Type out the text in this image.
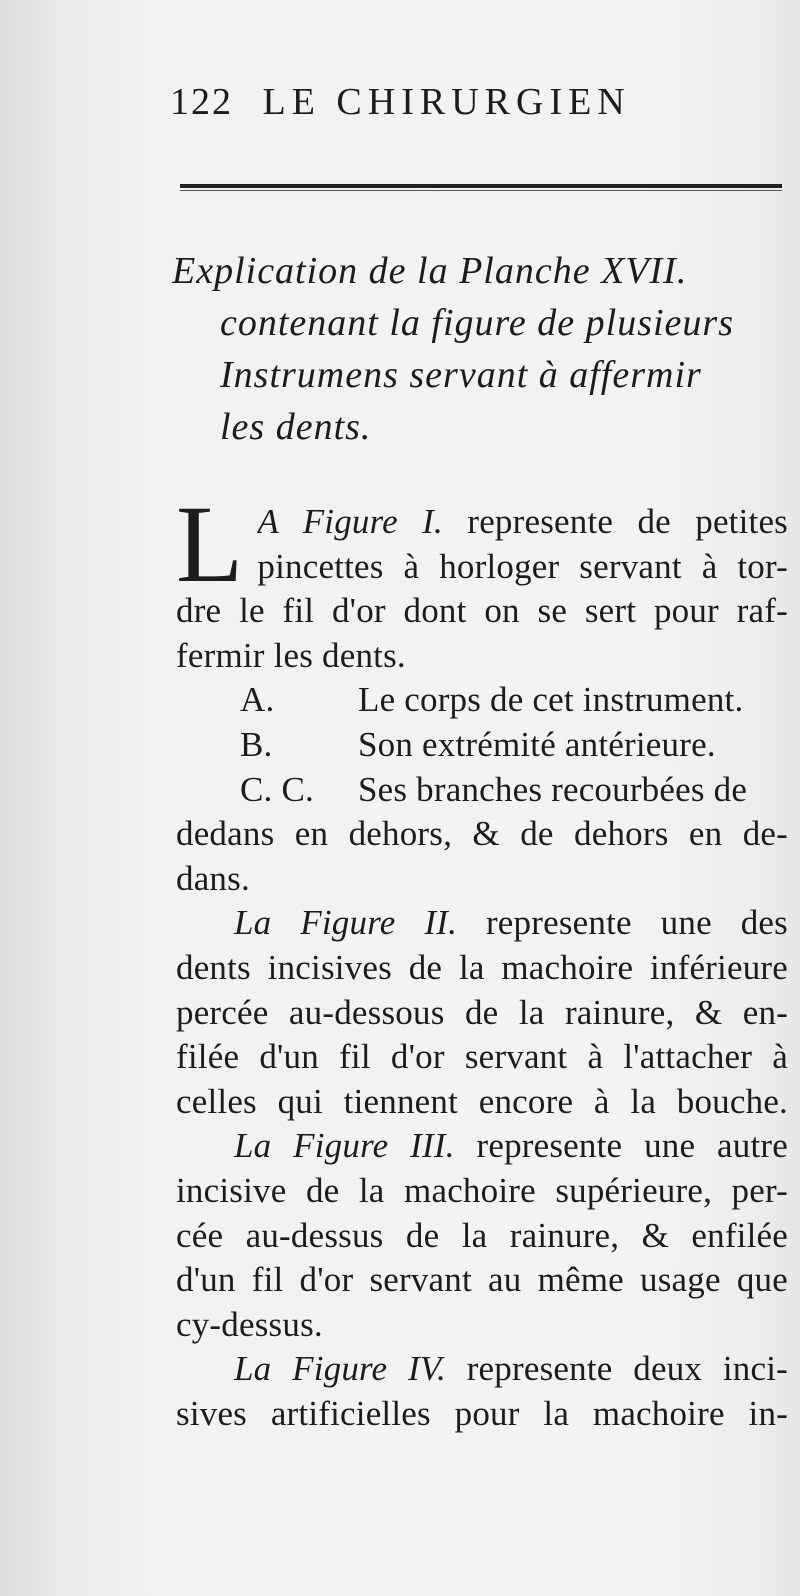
122 LE CHIRURGIEN
Explication de la Planche XVII.
contenant la figure de plusieurs
Instrumens servant à affermir
les dents.
L A Figure I. represente de petites
pincettes à horloger servant à tor-
dre le fil d'or dont on se sert pour raf-
fermir les dents.
A. Le corps de cet instrument.
B. Son extrémité antérieure.
C. C. Ses branches recourbées de
dedans en dehors, & de dehors en de-
dans.
La Figure II. represente une des
dents incisives de la machoire inférieure
percée au-dessous de la rainure, & en-
filée d'un fil d'or servant à l'attacher à
celles qui tiennent encore à la bouche.
La Figure III. represente une autre
incisive de la machoire supérieure, per-
cée au-dessus de la rainure, & enfilée
d'un fil d'or servant au même usage que
cy-dessus.
La Figure IV. represente deux inci-
sives artificielles pour la machoire in-
